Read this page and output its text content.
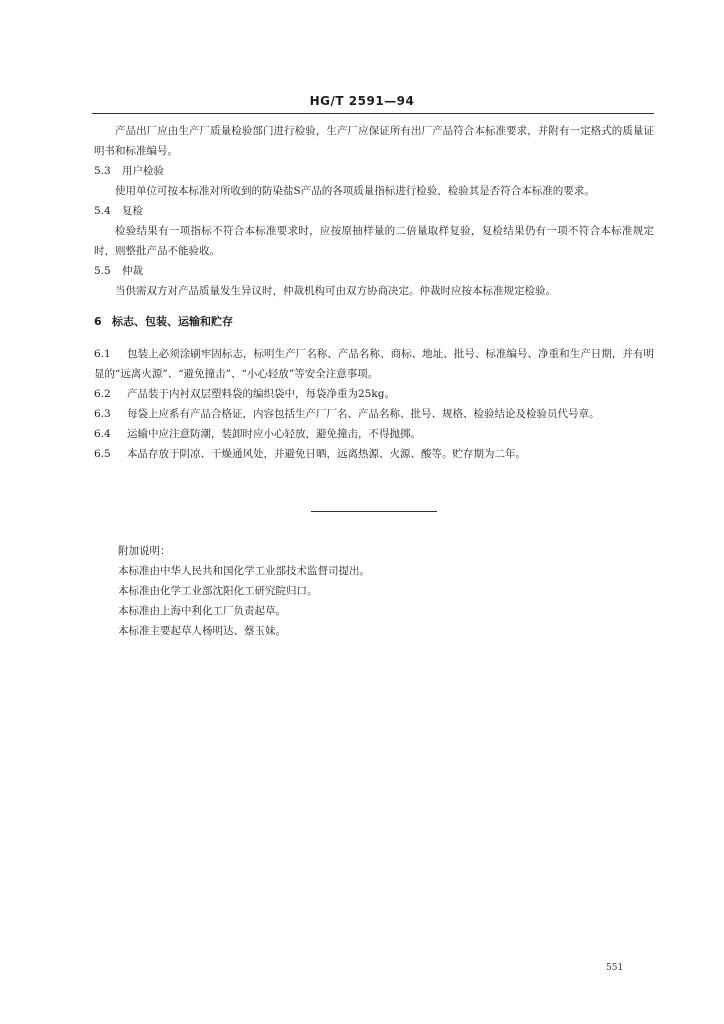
HG/T 2591—94

产品出厂应由生产厂质量检验部门进行检验，生产厂应保证所有出厂产品符合本标准要求，并附有一定格式的质量证明书和标准编号。

5.3 用户检验

使用单位可按本标准对所收到的防染盐S产品的各项质量指标进行检验，检验其是否符合本标准的要求。

5.4 复检

检验结果有一项指标不符合本标准要求时，应按原抽样量的二倍量取样复验，复检结果仍有一项不符合本标准规定时，则整批产品不能验收。

5.5 仲裁

当供需双方对产品质量发生异议时，仲裁机构可由双方协商决定。仲裁时应按本标准规定检验。

6 标志、包装、运输和贮存

6.1 包装上必须涂刷牢固标志，标明生产厂名称、产品名称、商标、地址、批号、标准编号、净重和生产日期，并有明显的“远离火源”、“避免撞击”、“小心轻放”等安全注意事项。

6.2 产品装于内衬双层塑料袋的编织袋中，每袋净重为25kg。

6.3 每袋上应系有产品合格证，内容包括生产厂厂名、产品名称、批号、规格、检验结论及检验员代号章。

6.4 运输中应注意防潮，装卸时应小心轻放，避免撞击，不得抛掷。

6.5 本品存放于阴凉、干燥通风处，并避免日晒，远离热源、火源、酸等。贮存期为二年。

附加说明：

本标准由中华人民共和国化学工业部技术监督司提出。

本标准由化学工业部沈阳化工研究院归口。

本标准由上海中利化工厂负责起草。

本标准主要起草人杨明达、蔡玉妹。

551
